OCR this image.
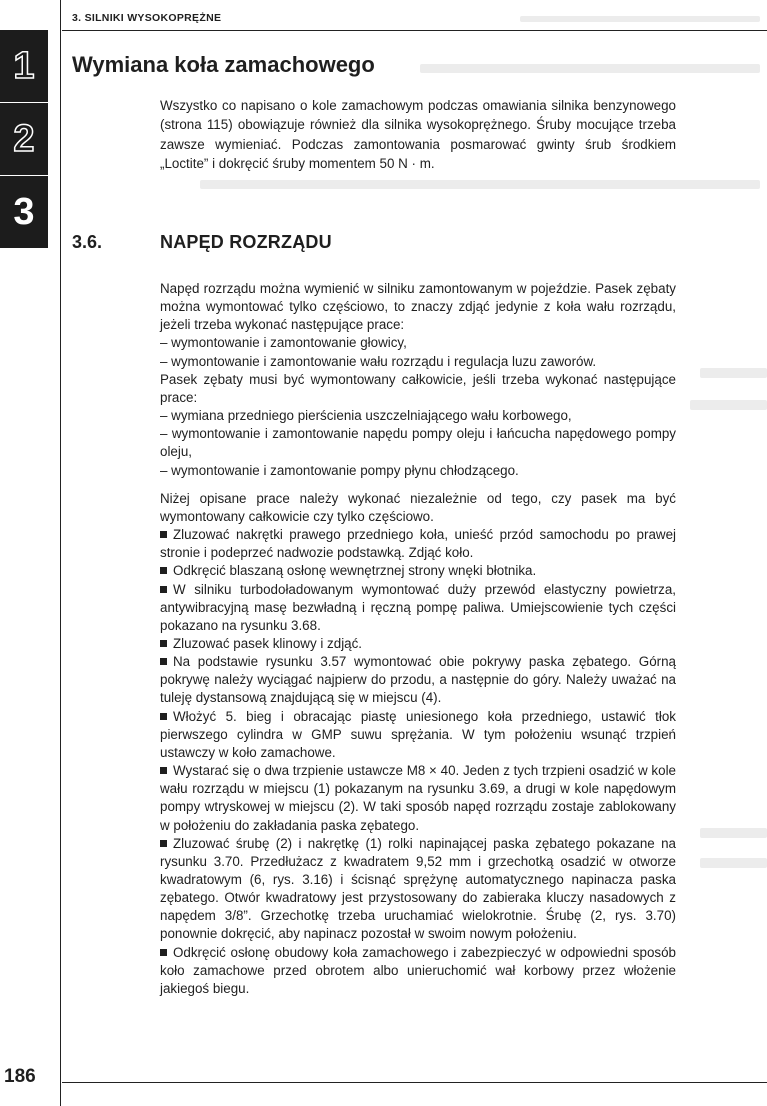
3. SILNIKI WYSOKOPRĘŻNE
1
2
3
Wymiana koła zamachowego

Wszystko co napisano o kole zamachowym podczas omawiania silnika benzynowego (strona 115) obowiązuje również dla silnika wysokoprężnego. Śruby mocujące trzeba zawsze wymieniać. Podczas zamontowania posmarować gwinty śrub środkiem „Loctite” i dokręcić śruby momentem 50 N · m.

3.6.	NAPĘD ROZRZĄDU

Napęd rozrządu można wymienić w silniku zamontowanym w pojeździe. Pasek zębaty można wymontować tylko częściowo, to znaczy zdjąć jedynie z koła wału rozrządu, jeżeli trzeba wykonać następujące prace:

– wymontowanie i zamontowanie głowicy,
– wymontowanie i zamontowanie wału rozrządu i regulacja luzu zaworów.

Pasek zębaty musi być wymontowany całkowicie, jeśli trzeba wykonać następujące prace:

– wymiana przedniego pierścienia uszczelniającego wału korbowego,
– wymontowanie i zamontowanie napędu pompy oleju i łańcucha napędowego pompy oleju,
– wymontowanie i zamontowanie pompy płynu chłodzącego.

Niżej opisane prace należy wykonać niezależnie od tego, czy pasek ma być wymontowany całkowicie czy tylko częściowo.

Zluzować nakrętki prawego przedniego koła, unieść przód samochodu po prawej stronie i podeprzeć nadwozie podstawką. Zdjąć koło.
Odkręcić blaszaną osłonę wewnętrznej strony wnęki błotnika.
W silniku turbodoładowanym wymontować duży przewód elastyczny powietrza, antywibracyjną masę bezwładną i ręczną pompę paliwa. Umiejscowienie tych części pokazano na rysunku 3.68.
Zluzować pasek klinowy i zdjąć.
Na podstawie rysunku 3.57 wymontować obie pokrywy paska zębatego. Górną pokrywę należy wyciągać najpierw do przodu, a następnie do góry. Należy uważać na tuleję dystansową znajdującą się w miejscu (4).
Włożyć 5. bieg i obracając piastę uniesionego koła przedniego, ustawić tłok pierwszego cylindra w GMP suwu sprężania. W tym położeniu wsunąć trzpień ustawczy w koło zamachowe.
Wystarać się o dwa trzpienie ustawcze M8 × 40. Jeden z tych trzpieni osadzić w kole wału rozrządu w miejscu (1) pokazanym na rysunku 3.69, a drugi w kole napędowym pompy wtryskowej w miejscu (2). W taki sposób napęd rozrządu zostaje zablokowany w położeniu do zakładania paska zębatego.
Zluzować śrubę (2) i nakrętkę (1) rolki napinającej paska zębatego pokazane na rysunku 3.70. Przedłużacz z kwadratem 9,52 mm i grzechotką osadzić w otworze kwadratowym (6, rys. 3.16) i ścisnąć sprężynę automatycznego napinacza paska zębatego. Otwór kwadratowy jest przystosowany do zabieraka kluczy nasadowych z napędem 3/8”. Grzechotkę trzeba uruchamiać wielokrotnie. Śrubę (2, rys. 3.70) ponownie dokręcić, aby napinacz pozostał w swoim nowym położeniu.
Odkręcić osłonę obudowy koła zamachowego i zabezpieczyć w odpowiedni sposób koło zamachowe przed obrotem albo unieruchomić wał korbowy przez włożenie jakiegoś biegu.
186
